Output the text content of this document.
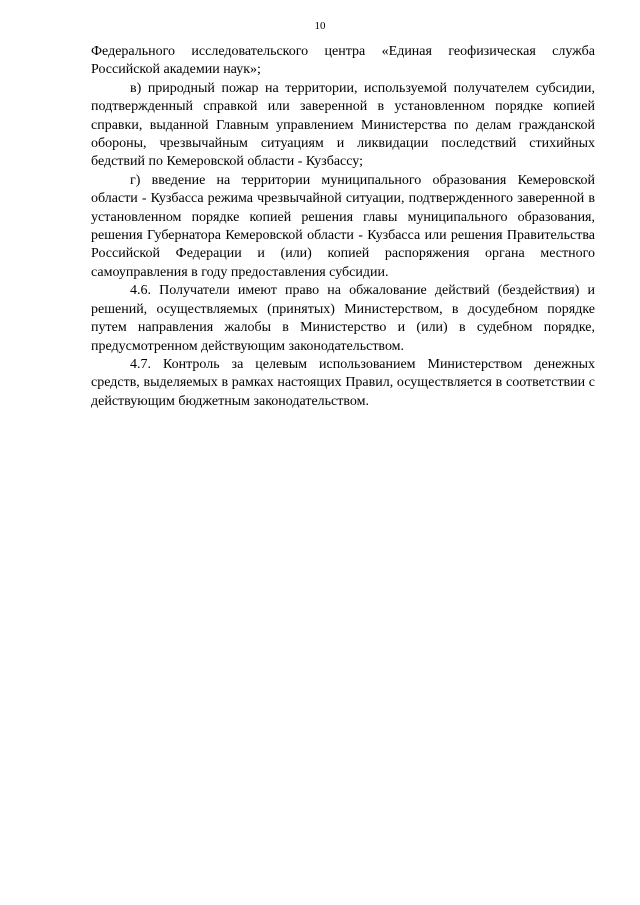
10

Федерального исследовательского центра «Единая геофизическая служба Российской академии наук»;

в) природный пожар на территории, используемой получателем субсидии, подтвержденный справкой или заверенной в установленном порядке копией справки, выданной Главным управлением Министерства по делам гражданской обороны, чрезвычайным ситуациям и ликвидации последствий стихийных бедствий по Кемеровской области - Кузбассу;

г) введение на территории муниципального образования Кемеровской области - Кузбасса режима чрезвычайной ситуации, подтвержденного заверенной в установленном порядке копией решения главы муниципального образования, решения Губернатора Кемеровской области - Кузбасса или решения Правительства Российской Федерации и (или) копией распоряжения органа местного самоуправления в году предоставления субсидии.

4.6. Получатели имеют право на обжалование действий (бездействия) и решений, осуществляемых (принятых) Министерством, в досудебном порядке путем направления жалобы в Министерство и (или) в судебном порядке, предусмотренном действующим законодательством.

4.7. Контроль за целевым использованием Министерством денежных средств, выделяемых в рамках настоящих Правил, осуществляется в соответствии с действующим бюджетным законодательством.
